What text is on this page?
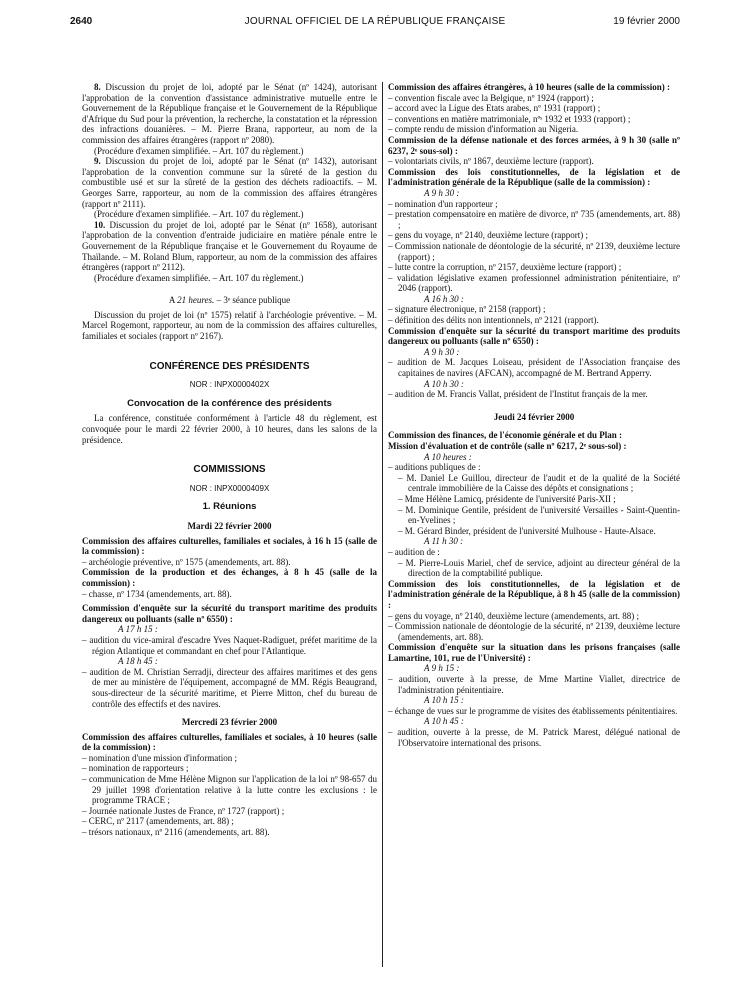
2640	JOURNAL OFFICIEL DE LA RÉPUBLIQUE FRANÇAISE	19 février 2000

8. Discussion du projet de loi, adopté par le Sénat (nº 1424), autorisant l'approbation de la convention d'assistance administrative mutuelle entre le Gouvernement de la République française et le Gouvernement de la République d'Afrique du Sud pour la prévention, la recherche, la constatation et la répression des infractions douanières. – M. Pierre Brana, rapporteur, au nom de la commission des affaires étrangères (rapport nº 2080).

(Procédure d'examen simplifiée. – Art. 107 du règlement.)

9. Discussion du projet de loi, adopté par le Sénat (nº 1432), autorisant l'approbation de la convention commune sur la sûreté de la gestion du combustible usé et sur la sûreté de la gestion des déchets radioactifs. – M. Georges Sarre, rapporteur, au nom de la commission des affaires étrangères (rapport nº 2111).

(Procédure d'examen simplifiée. – Art. 107 du règlement.)

10. Discussion du projet de loi, adopté par le Sénat (nº 1658), autorisant l'approbation de la convention d'entraide judiciaire en matière pénale entre le Gouvernement de la République française et le Gouvernement du Royaume de Thaïlande. – M. Roland Blum, rapporteur, au nom de la commission des affaires étrangères (rapport nº 2112).

(Procédure d'examen simplifiée. – Art. 107 du règlement.)

A 21 heures. – 3ᵉ séance publique

Discussion du projet de loi (nº 1575) relatif à l'archéologie préventive. – M. Marcel Rogemont, rapporteur, au nom de la commission des affaires culturelles, familiales et sociales (rapport nº 2167).

CONFÉRENCE DES PRÉSIDENTS

NOR : INPX0000402X

Convocation de la conférence des présidents

La conférence, constituée conformément à l'article 48 du règlement, est convoquée pour le mardi 22 février 2000, à 10 heures, dans les salons de la présidence.

COMMISSIONS

NOR : INPX0000409X

1. Réunions

Mardi 22 février 2000

Commission des affaires culturelles, familiales et sociales, à 16 h 15 (salle de la commission) :

– archéologie préventive, nº 1575 (amendements, art. 88).

Commission de la production et des échanges, à 8 h 45 (salle de la commission) :

– chasse, nº 1734 (amendements, art. 88).

Commission d'enquête sur la sécurité du transport maritime des produits dangereux ou polluants (salle nº 6550) :

A 17 h 15 :

– audition du vice-amiral d'escadre Yves Naquet-Radiguet, préfet maritime de la région Atlantique et commandant en chef pour l'Atlantique.

A 18 h 45 :

– audition de M. Christian Serradji, directeur des affaires maritimes et des gens de mer au ministère de l'équipement, accompagné de MM. Régis Beaugrand, sous-directeur de la sécurité maritime, et Pierre Mitton, chef du bureau de contrôle des effectifs et des navires.

Mercredi 23 février 2000

Commission des affaires culturelles, familiales et sociales, à 10 heures (salle de la commission) :

– nomination d'une mission d'information ;
– nomination de rapporteurs ;
– communication de Mme Hélène Mignon sur l'application de la loi nº 98-657 du 29 juillet 1998 d'orientation relative à la lutte contre les exclusions : le programme TRACE ;
– Journée nationale Justes de France, nº 1727 (rapport) ;
– CERC, nº 2117 (amendements, art. 88) ;
– trésors nationaux, nº 2116 (amendements, art. 88).

Commission des affaires étrangères, à 10 heures (salle de la commission) :

– convention fiscale avec la Belgique, nº 1924 (rapport) ;
– accord avec la Ligue des Etats arabes, nº 1931 (rapport) ;
– conventions en matière matrimoniale, nºˢ 1932 et 1933 (rapport) ;
– compte rendu de mission d'information au Nigeria.

Commission de la défense nationale et des forces armées, à 9 h 30 (salle nº 6237, 2ᵉ sous-sol) :

– volontariats civils, nº 1867, deuxième lecture (rapport).

Commission des lois constitutionnelles, de la législation et de l'administration générale de la République (salle de la commission) :

A 9 h 30 :

– nomination d'un rapporteur ;
– prestation compensatoire en matière de divorce, nº 735 (amendements, art. 88) ;
– gens du voyage, nº 2140, deuxième lecture (rapport) ;
– Commission nationale de déontologie de la sécurité, nº 2139, deuxième lecture (rapport) ;
– lutte contre la corruption, nº 2157, deuxième lecture (rapport) ;
– validation législative examen professionnel administration pénitentiaire, nº 2046 (rapport).

A 16 h 30 :

– signature électronique, nº 2158 (rapport) ;
– définition des délits non intentionnels, nº 2121 (rapport).

Commission d'enquête sur la sécurité du transport maritime des produits dangereux ou polluants (salle nº 6550) :

A 9 h 30 :

– audition de M. Jacques Loiseau, président de l'Association française des capitaines de navires (AFCAN), accompagné de M. Bertrand Apperry.

A 10 h 30 :

– audition de M. Francis Vallat, président de l'Institut français de la mer.

Jeudi 24 février 2000

Commission des finances, de l'économie générale et du Plan :

Mission d'évaluation et de contrôle (salle nº 6217, 2ᵉ sous-sol) :

A 10 heures :

– auditions publiques de :
– M. Daniel Le Guillou, directeur de l'audit et de la qualité de la Société centrale immobilière de la Caisse des dépôts et consignations ;
– Mme Hélène Lamicq, présidente de l'université Paris-XII ;
– M. Dominique Gentile, président de l'université Versailles - Saint-Quentin-en-Yvelines ;
– M. Gérard Binder, président de l'université Mulhouse - Haute-Alsace.

A 11 h 30 :

– audition de :
– M. Pierre-Louis Mariel, chef de service, adjoint au directeur général de la direction de la comptabilité publique.

Commission des lois constitutionnelles, de la législation et de l'administration générale de la République, à 8 h 45 (salle de la commission) :

– gens du voyage, nº 2140, deuxième lecture (amendements, art. 88) ;
– Commission nationale de déontologie de la sécurité, nº 2139, deuxième lecture (amendements, art. 88).

Commission d'enquête sur la situation dans les prisons françaises (salle Lamartine, 101, rue de l'Université) :

A 9 h 15 :

– audition, ouverte à la presse, de Mme Martine Viallet, directrice de l'administration pénitentiaire.

A 10 h 15 :

– échange de vues sur le programme de visites des établissements pénitentiaires.

A 10 h 45 :

– audition, ouverte à la presse, de M. Patrick Marest, délégué national de l'Observatoire international des prisons.
